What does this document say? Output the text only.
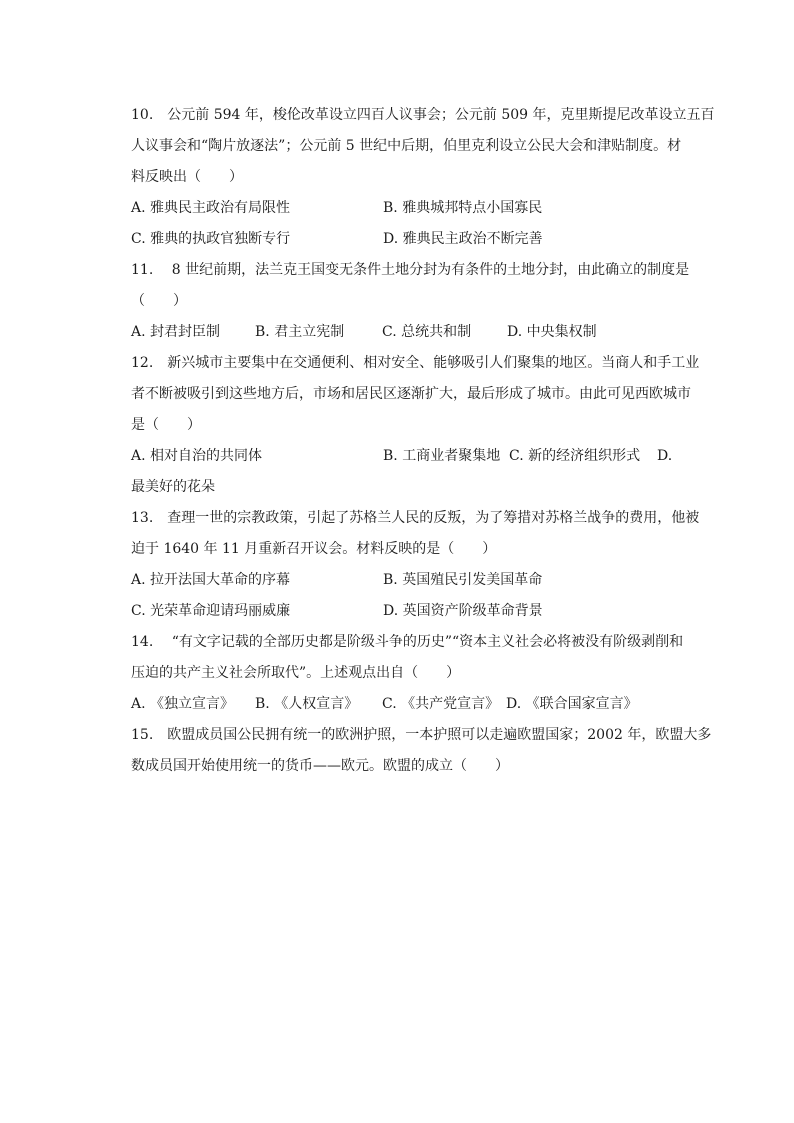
10.　公元前 594 年，梭伦改革设立四百人议事会；公元前 509 年，克里斯提尼改革设立五百
人议事会和“陶片放逐法”；公元前 5 世纪中后期，伯里克利设立公民大会和津贴制度。材
料反映出（　　）
A. 雅典民主政治有局限性	B. 雅典城邦特点小国寡民
C. 雅典的执政官独断专行	D. 雅典民主政治不断完善
11.　 8 世纪前期，法兰克王国变无条件土地分封为有条件的土地分封，由此确立的制度是
（　　）
A. 封君封臣制	B. 君主立宪制	C. 总统共和制	D. 中央集权制
12.　新兴城市主要集中在交通便利、相对安全、能够吸引人们聚集的地区。当商人和手工业
者不断被吸引到这些地方后，市场和居民区逐渐扩大，最后形成了城市。由此可见西欧城市
是（　　）
A. 相对自治的共同体	B. 工商业者聚集地 C. 新的经济组织形式	D.
最美好的花朵
13.　查理一世的宗教政策，引起了苏格兰人民的反叛，为了筹措对苏格兰战争的费用，他被
迫于 1640 年 11 月重新召开议会。材料反映的是（　　）
A. 拉开法国大革命的序幕	B. 英国殖民引发美国革命
C. 光荣革命迎请玛丽威廉	D. 英国资产阶级革命背景
14.　 “有文字记载的全部历史都是阶级斗争的历史”“资本主义社会必将被没有阶级剥削和
压迫的共产主义社会所取代”。上述观点出自（　　）
A. 《独立宣言》	B. 《人权宣言》	C. 《共产党宣言》 D. 《联合国家宣言》
15.　欧盟成员国公民拥有统一的欧洲护照，一本护照可以走遍欧盟国家；2002 年，欧盟大多
数成员国开始使用统一的货币——欧元。欧盟的成立（　　）
